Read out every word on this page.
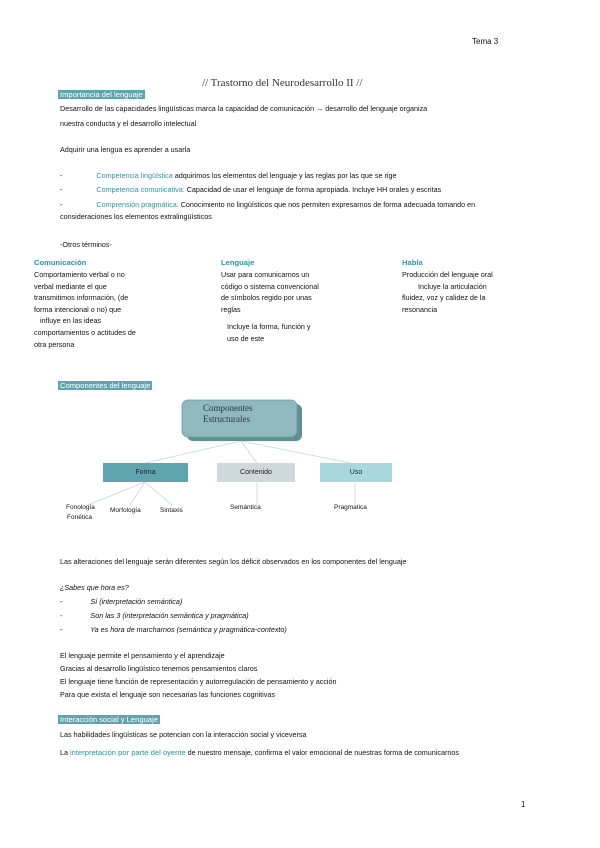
Tema 3
// Trastorno del Neurodesarrollo II //
Importancia del lenguaje
Desarrollo de las capacidades lingüísticas marca la capacidad de comunicación → desarrollo del lenguaje organiza
nuestra conducta y el desarrollo intelectual
Adquirir una lengua es aprender a usarla
-	Competencia lingüística adquirimos los elementos del lenguaje y las reglas por las que se rige
-	Competencia comunicativa: Capacidad de usar el lenguaje de forma apropiada. Incluye HH orales y escritas
-	Comprensión pragmática: Conocimiento no lingüísticos que nos permiten expresarnos de forma adecuada tomando en
consideraciones los elementos extralingüísticos
-Otros términos-
Comunicación
Comportamiento verbal o no
verbal mediante el que
transmitimos información, (de
forma intencional o no) que
influye en las ideas
comportamientos o actitudes de
otra persona
Lenguaje
Usar para comunicarnos un
código o sistema convencional
de símbolos regido por unas
reglas
Incluye la forma, función y
uso de este
Habla
Producción del lenguaje oral
Incluye la articulación
fluidez, voz y calidez de la
resonancia
Componentes del lenguaje
Componentes
Estructurales
Forma	Contenido	Uso
Fonología
Fonética
Morfología	Sintaxis	Semántica	Pragmatica
Las alteraciones del lenguaje serán diferentes según los déficit observados en los componentes del lenguaje
¿Sabes que hora es?
-	Sí (interpretación semántica)
-	Son las 3 (interpretación semántica y pragmática)
-	Ya es hora de marcharnos (semántica y pragmática-contexto)
El lenguaje permite el pensamiento y el aprendizaje
Gracias al desarrollo lingüístico tenemos pensamientos claros
El lenguaje tiene función de representación y autorregulación de pensamiento y acción
Para que exista el lenguaje son necesarias las funciones cognitivas
Interacción social y Lenguaje
Las habilidades lingüísticas se potencian con la interacción social y viceversa
La interpretación por parte del oyente de nuestro mensaje, confirma el valor emocional de nuestras forma de comunicarnos
1
